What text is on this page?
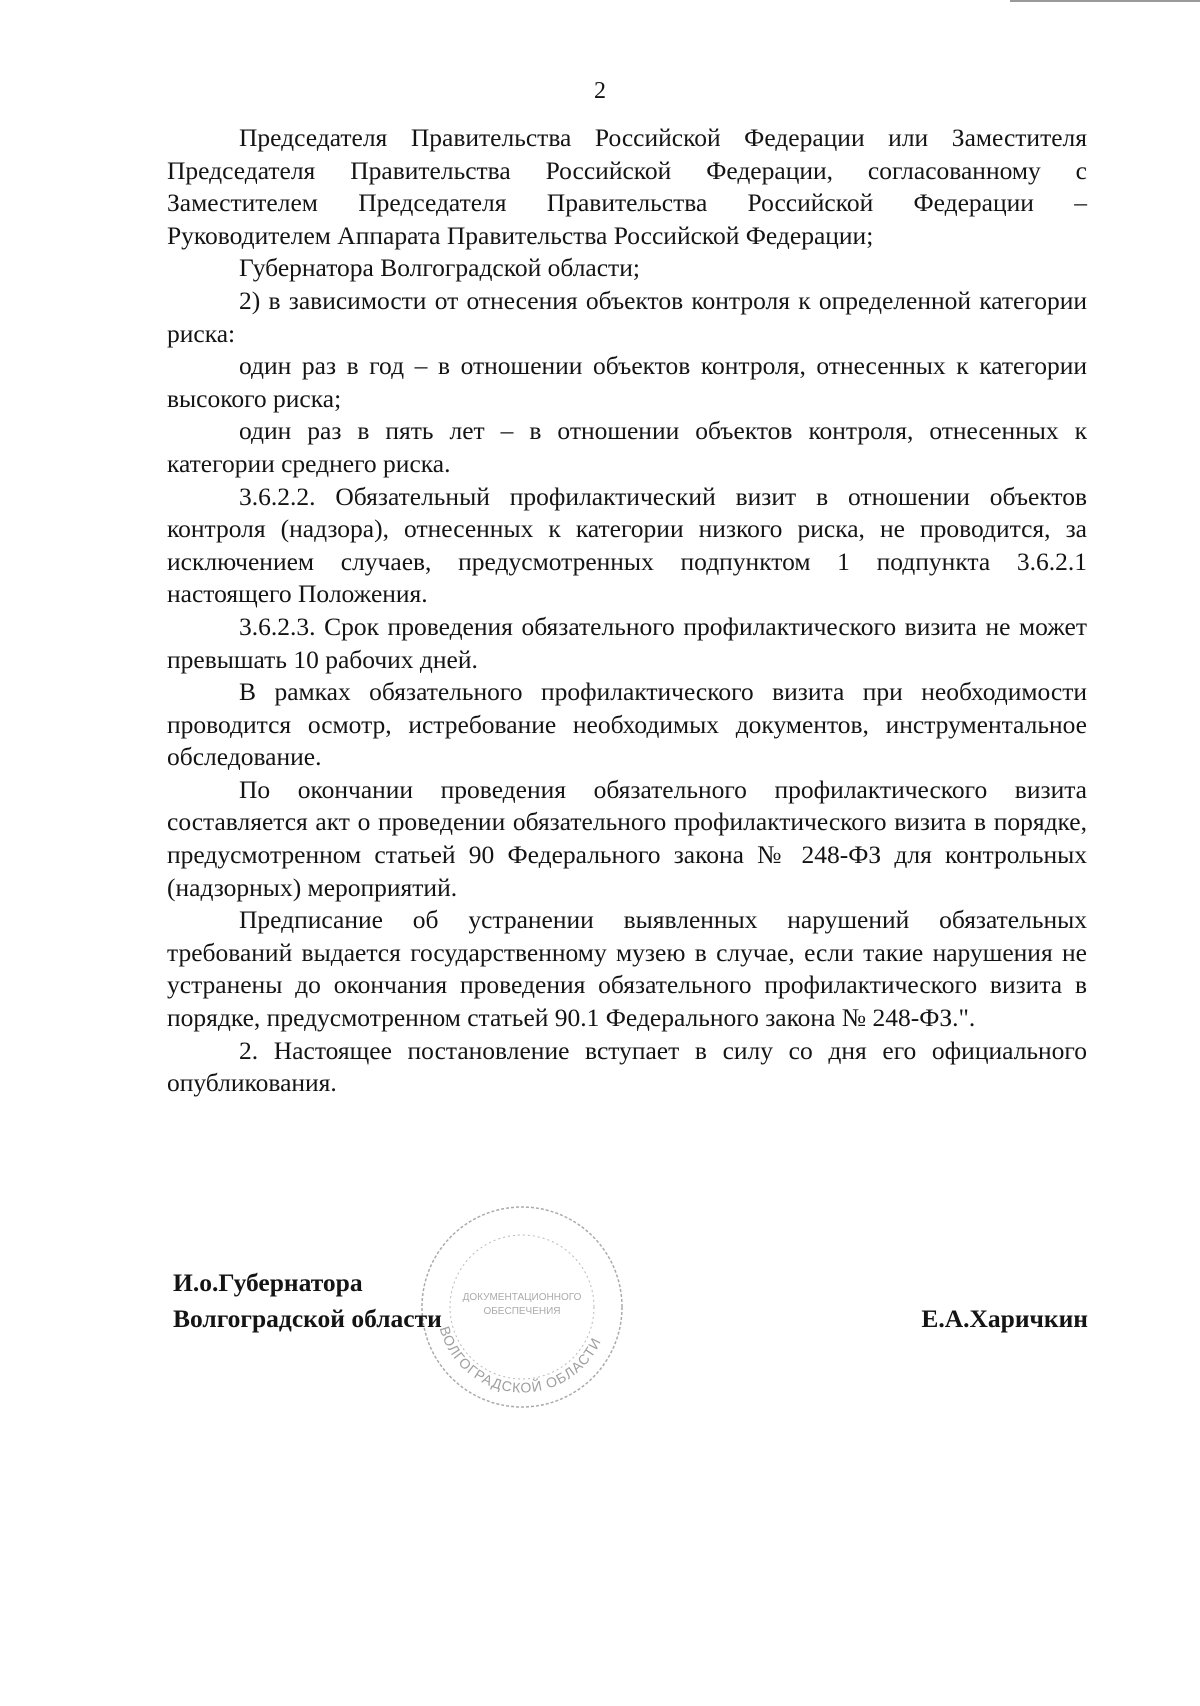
2

Председателя Правительства Российской Федерации или Заместителя Председателя Правительства Российской Федерации, согласованному с Заместителем Председателя Правительства Российской Федерации – Руководителем Аппарата Правительства Российской Федерации;

Губернатора Волгоградской области;

2) в зависимости от отнесения объектов контроля к определенной категории риска:

один раз в год – в отношении объектов контроля, отнесенных к категории высокого риска;

один раз в пять лет – в отношении объектов контроля, отнесенных к категории среднего риска.

3.6.2.2. Обязательный профилактический визит в отношении объектов контроля (надзора), отнесенных к категории низкого риска, не проводится, за исключением случаев, предусмотренных подпунктом 1 подпункта 3.6.2.1 настоящего Положения.

3.6.2.3. Срок проведения обязательного профилактического визита не может превышать 10 рабочих дней.

В рамках обязательного профилактического визита при необходимости проводится осмотр, истребование необходимых документов, инструментальное обследование.

По окончании проведения обязательного профилактического визита составляется акт о проведении обязательного профилактического визита в порядке, предусмотренном статьей 90 Федерального закона № 248-ФЗ для контрольных (надзорных) мероприятий.

Предписание об устранении выявленных нарушений обязательных требований выдается государственному музею в случае, если такие нарушения не устранены до окончания проведения обязательного профилактического визита в порядке, предусмотренном статьей 90.1 Федерального закона № 248-ФЗ.".

2. Настоящее постановление вступает в силу со дня его официального опубликования.

ВОЛГОГРАДСКОЙ ОБЛАСТИ
ДОКУМЕНТАЦИОННОГО
ОБЕСПЕЧЕНИЯ
И.о.Губернатора
Волгоградской области	Е.А.Харичкин
